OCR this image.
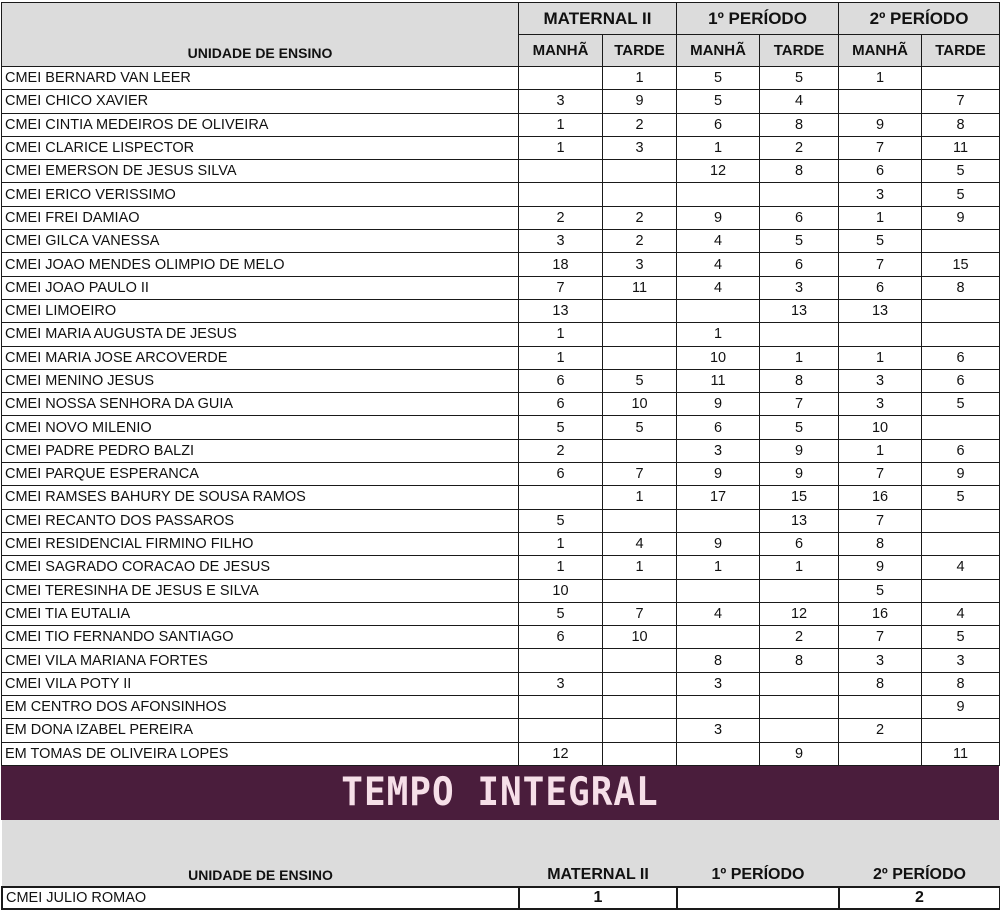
UNIDADE DE ENSINO	MATERNAL II		1º PERÍODO		2º PERÍODO	
	MANHÃ	TARDE	MANHÃ	TARDE	MANHÃ	TARDE
CMEI BERNARD VAN LEER		1	5	5	1	
CMEI CHICO XAVIER	3	9	5	4		7
CMEI CINTIA MEDEIROS DE OLIVEIRA	1	2	6	8	9	8
CMEI CLARICE LISPECTOR	1	3	1	2	7	11
CMEI EMERSON DE JESUS SILVA			12	8	6	5
CMEI ERICO VERISSIMO					3	5
CMEI FREI DAMIAO	2	2	9	6	1	9
CMEI GILCA VANESSA	3	2	4	5	5	
CMEI JOAO MENDES OLIMPIO DE MELO	18	3	4	6	7	15
CMEI JOAO PAULO II	7	11	4	3	6	8
CMEI LIMOEIRO	13			13	13	
CMEI MARIA AUGUSTA DE JESUS	1		1			
CMEI MARIA JOSE ARCOVERDE	1		10	1	1	6
CMEI MENINO JESUS	6	5	11	8	3	6
CMEI NOSSA SENHORA DA GUIA	6	10	9	7	3	5
CMEI NOVO MILENIO	5	5	6	5	10	
CMEI PADRE PEDRO BALZI	2		3	9	1	6
CMEI PARQUE ESPERANCA	6	7	9	9	7	9
CMEI RAMSES BAHURY DE SOUSA RAMOS		1	17	15	16	5
CMEI RECANTO DOS PASSAROS	5			13	7	
CMEI RESIDENCIAL FIRMINO FILHO	1	4	9	6	8	
CMEI SAGRADO CORACAO DE JESUS	1	1	1	1	9	4
CMEI TERESINHA DE JESUS E SILVA	10				5	
CMEI TIA EUTALIA	5	7	4	12	16	4
CMEI TIO FERNANDO SANTIAGO	6	10		2	7	5
CMEI VILA MARIANA FORTES			8	8	3	3
CMEI VILA POTY II	3		3		8	8
EM CENTRO DOS AFONSINHOS						9
EM DONA IZABEL PEREIRA			3		2	
EM TOMAS DE OLIVEIRA LOPES	12			9		11
TEMPO INTEGRAL
UNIDADE DE ENSINO	MATERNAL II	1º PERÍODO	2º PERÍODO
CMEI JULIO ROMAO	1		2
